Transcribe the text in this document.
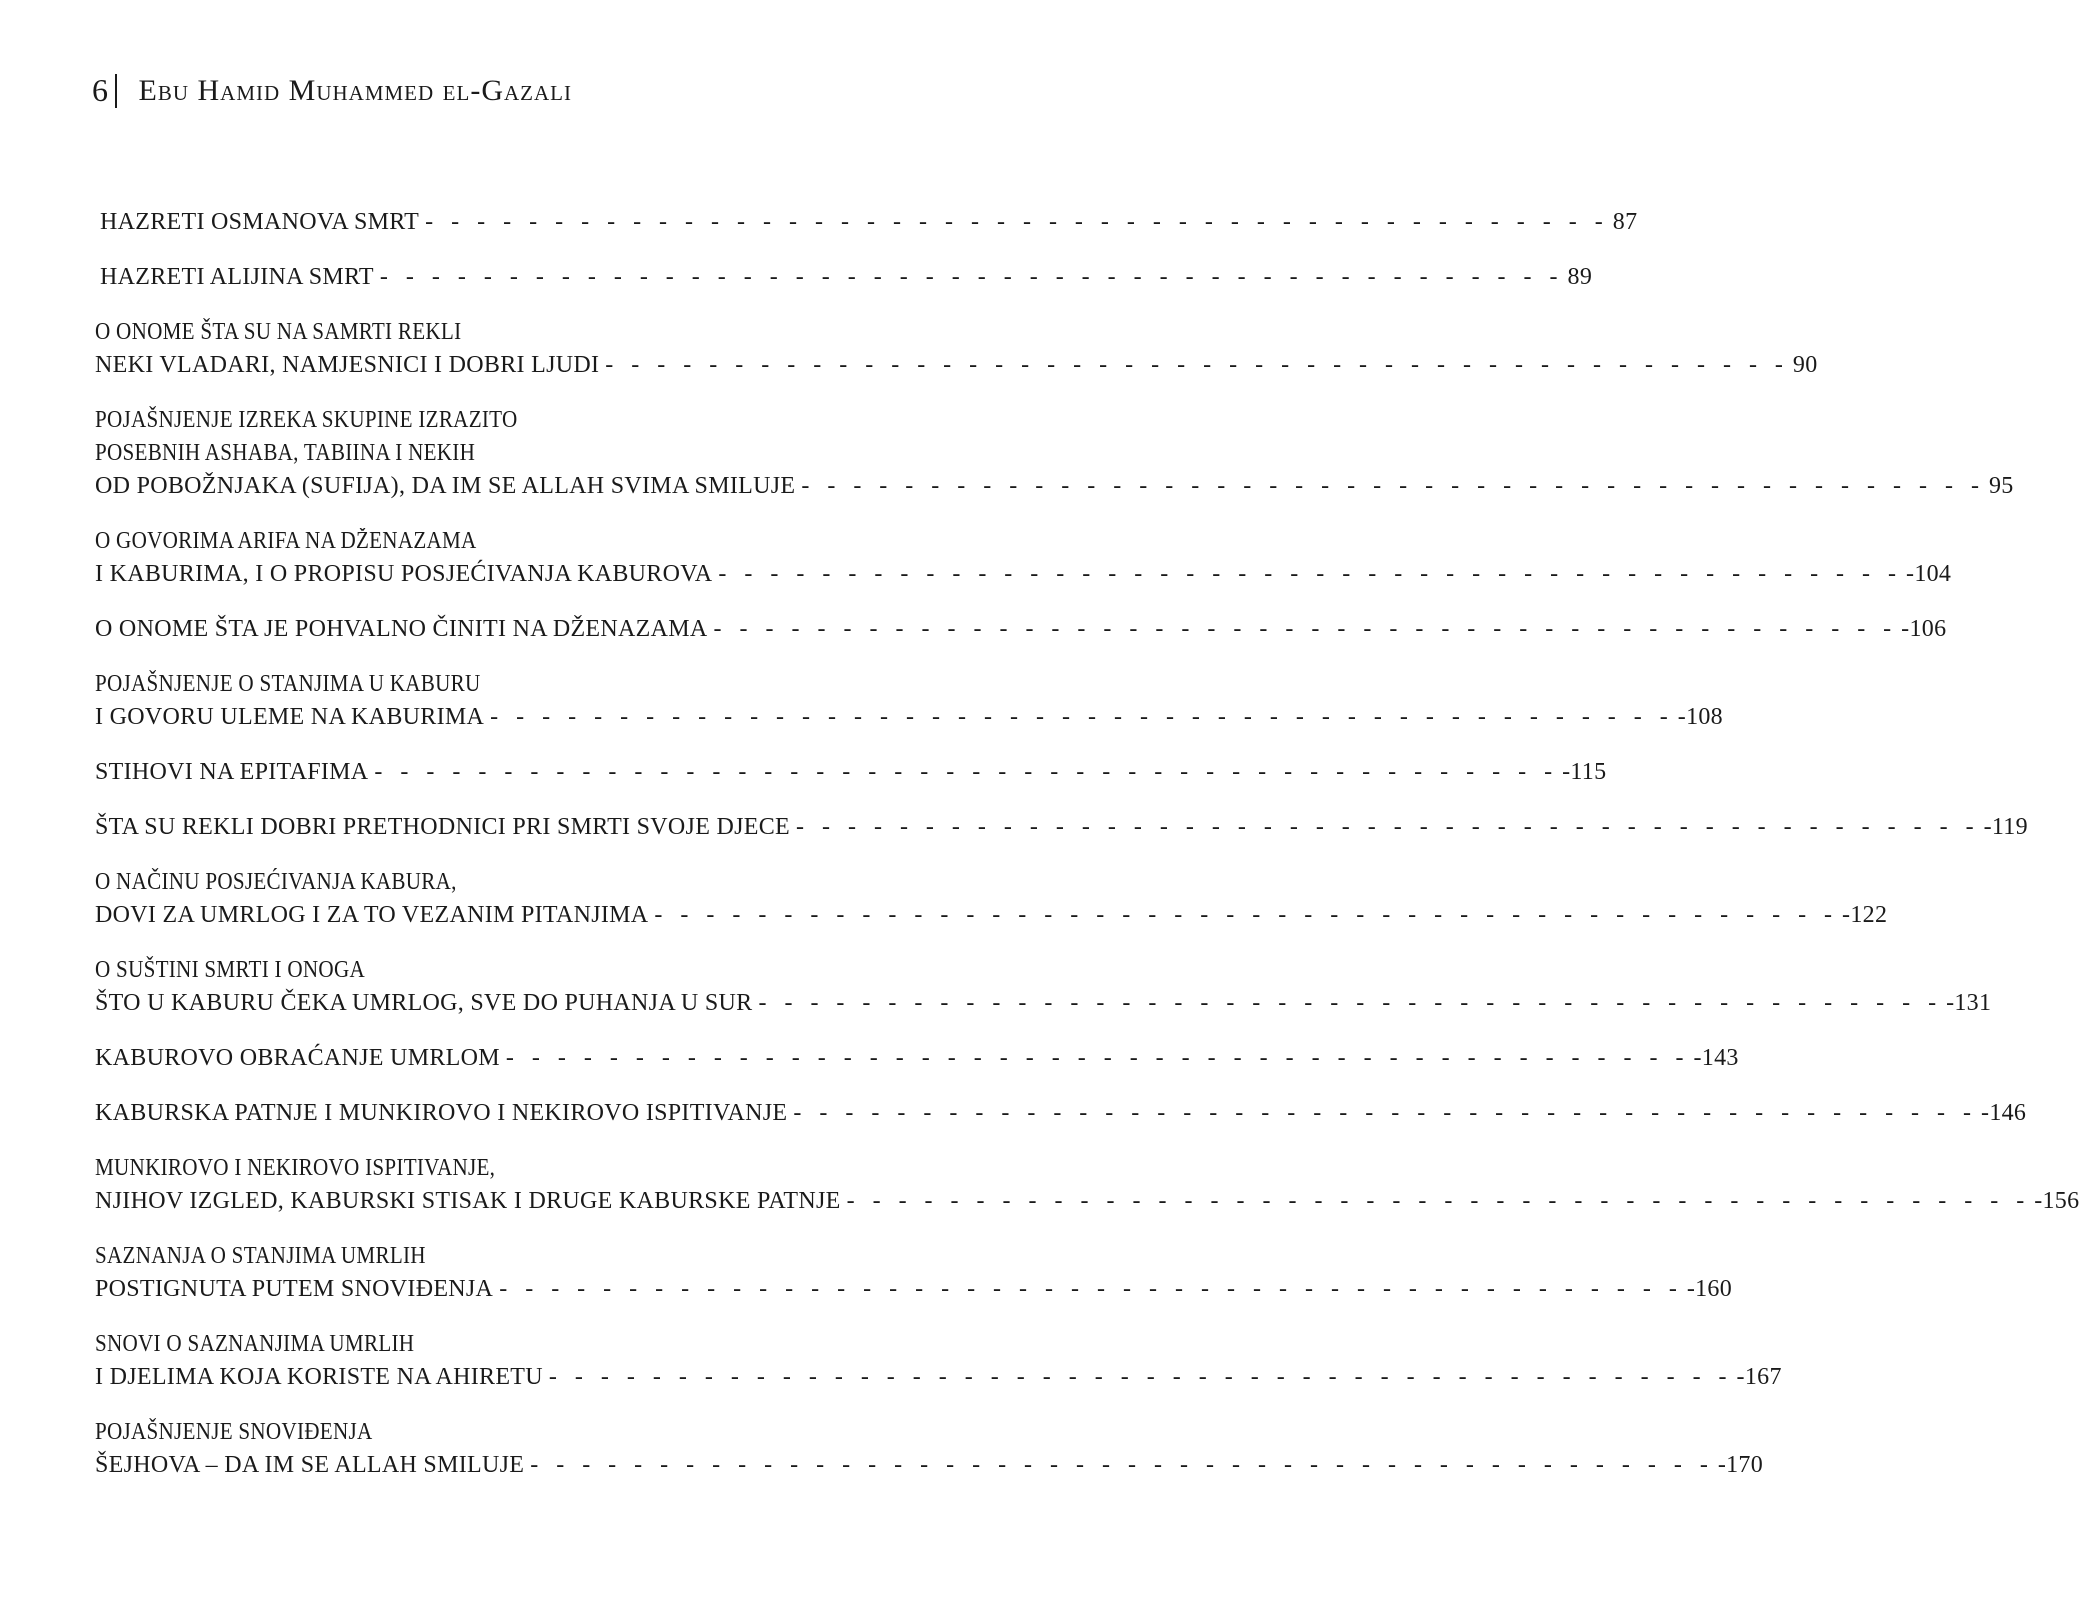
6 Ebu Hamid Muhammed el-Gazali
HAZRETI OSMANOVA SMRT - - - - - - - - - - - - - - - - - - - - - - - - - - - - - - - - - - - - - - - - - - - - - - 87
HAZRETI ALIJINA SMRT - - - - - - - - - - - - - - - - - - - - - - - - - - - - - - - - - - - - - - - - - - - - - - 89
O ONOME ŠTA SU NA SAMRTI REKLI
NEKI VLADARI, NAMJESNICI I DOBRI LJUDI - - - - - - - - - - - - - - - - - - - - - - - - - - - - - - - - - - - - - - - - - - - - - - 90
POJAŠNJENJE IZREKA SKUPINE IZRAZITO
POSEBNIH ASHABA, TABIINA I NEKIH
OD POBOŽNJAKA (SUFIJA), DA IM SE ALLAH SVIMA SMILUJE - - - - - - - - - - - - - - - - - - - - - - - - - - - - - - - - - - - - - - - - - - - - - - 95
O GOVORIMA ARIFA NA DŽENAZAMA
I KABURIMA, I O PROPISU POSJEĆIVANJA KABUROVA - - - - - - - - - - - - - - - - - - - - - - - - - - - - - - - - - - - - - - - - - - - - - - -104
O ONOME ŠTA JE POHVALNO ČINITI NA DŽENAZAMA - - - - - - - - - - - - - - - - - - - - - - - - - - - - - - - - - - - - - - - - - - - - - - -106
POJAŠNJENJE O STANJIMA U KABURU
I GOVORU ULEME NA KABURIMA - - - - - - - - - - - - - - - - - - - - - - - - - - - - - - - - - - - - - - - - - - - - - - -108
STIHOVI NA EPITAFIMA - - - - - - - - - - - - - - - - - - - - - - - - - - - - - - - - - - - - - - - - - - - - - - -115
ŠTA SU REKLI DOBRI PRETHODNICI PRI SMRTI SVOJE DJECE - - - - - - - - - - - - - - - - - - - - - - - - - - - - - - - - - - - - - - - - - - - - - - -119
O NAČINU POSJEĆIVANJA KABURA,
DOVI ZA UMRLOG I ZA TO VEZANIM PITANJIMA - - - - - - - - - - - - - - - - - - - - - - - - - - - - - - - - - - - - - - - - - - - - - - -122
O SUŠTINI SMRTI I ONOGA
ŠTO U KABURU ČEKA UMRLOG, SVE DO PUHANJA U SUR - - - - - - - - - - - - - - - - - - - - - - - - - - - - - - - - - - - - - - - - - - - - - - -131
KABUROVO OBRAĆANJE UMRLOM - - - - - - - - - - - - - - - - - - - - - - - - - - - - - - - - - - - - - - - - - - - - - - -143
KABURSKA PATNJE I MUNKIROVO I NEKIROVO ISPITIVANJE - - - - - - - - - - - - - - - - - - - - - - - - - - - - - - - - - - - - - - - - - - - - - - -146
MUNKIROVO I NEKIROVO ISPITIVANJE,
NJIHOV IZGLED, KABURSKI STISAK I DRUGE KABURSKE PATNJE - - - - - - - - - - - - - - - - - - - - - - - - - - - - - - - - - - - - - - - - - - - - - - -156
SAZNANJA O STANJIMA UMRLIH
POSTIGNUTA PUTEM SNOVIĐENJA - - - - - - - - - - - - - - - - - - - - - - - - - - - - - - - - - - - - - - - - - - - - - - -160
SNOVI O SAZNANJIMA UMRLIH
I DJELIMA KOJA KORISTE NA AHIRETU - - - - - - - - - - - - - - - - - - - - - - - - - - - - - - - - - - - - - - - - - - - - - - -167
POJAŠNJENJE SNOVIĐENJA
ŠEJHOVA – DA IM SE ALLAH SMILUJE - - - - - - - - - - - - - - - - - - - - - - - - - - - - - - - - - - - - - - - - - - - - - - -170
